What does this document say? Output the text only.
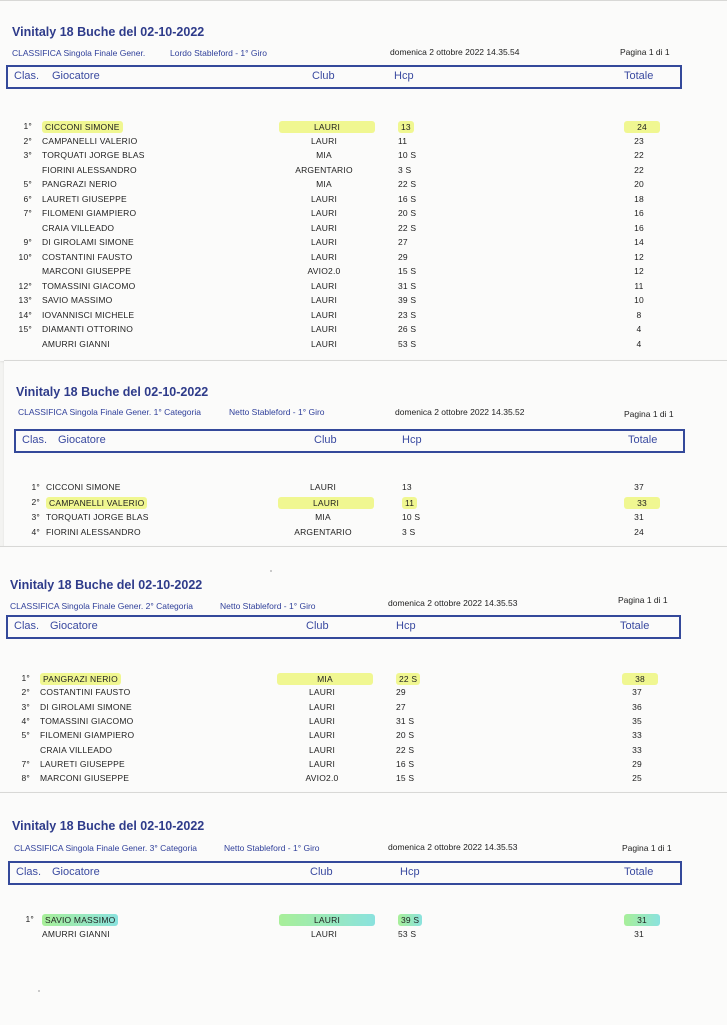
Vinitaly 18 Buche del 02-10-2022
CLASSIFICA Singola Finale Gener.	Lordo Stableford - 1° Giro	domenica 2 ottobre 2022 14.35.54	Pagina 1 di 1
Clas. Giocatore	Club	Hcp	Totale
1°	CICCONI SIMONE	LAURI	13	24
2° CAMPANELLI VALERIO	LAURI	11	23
3° TORQUATI JORGE BLAS	MIA	10 S	22
FIORINI ALESSANDRO	ARGENTARIO	3 S	22
5° PANGRAZI NERIO	MIA	22 S	20
6° LAURETI GIUSEPPE	LAURI	16 S	18
7° FILOMENI GIAMPIERO	LAURI	20 S	16
CRAIA VILLEADO	LAURI	22 S	16
9° DI GIROLAMI SIMONE	LAURI	27	14
10° COSTANTINI FAUSTO	LAURI	29	12
MARCONI GIUSEPPE	AVIO2.0	15 S	12
12° TOMASSINI GIACOMO	LAURI	31 S	11
13° SAVIO MASSIMO	LAURI	39 S	10
14° IOVANNISCI MICHELE	LAURI	23 S	8
15° DIAMANTI OTTORINO	LAURI	26 S	4
AMURRI GIANNI	LAURI	53 S	4
Vinitaly 18 Buche del 02-10-2022
CLASSIFICA Singola Finale Gener. 1° Categoria	Netto Stableford - 1° Giro	domenica 2 ottobre 2022 14.35.52	Pagina 1 di 1
Clas. Giocatore	Club	Hcp	Totale
1° CICCONI SIMONE	LAURI	13	37
2°	CAMPANELLI VALERIO	LAURI	11	33
3° TORQUATI JORGE BLAS	MIA	10 S	31
4° FIORINI ALESSANDRO	ARGENTARIO	3 S	24
Vinitaly 18 Buche del 02-10-2022
CLASSIFICA Singola Finale Gener. 2° Categoria	Netto Stableford - 1° Giro	domenica 2 ottobre 2022 14.35.53	Pagina 1 di 1
Clas. Giocatore	Club	Hcp	Totale
1°	PANGRAZI NERIO	MIA	22 S	38
2° COSTANTINI FAUSTO	LAURI	29	37
3° DI GIROLAMI SIMONE	LAURI	27	36
4° TOMASSINI GIACOMO	LAURI	31 S	35
5° FILOMENI GIAMPIERO	LAURI	20 S	33
CRAIA VILLEADO	LAURI	22 S	33
7° LAURETI GIUSEPPE	LAURI	16 S	29
8° MARCONI GIUSEPPE	AVIO2.0	15 S	25
Vinitaly 18 Buche del 02-10-2022
CLASSIFICA Singola Finale Gener. 3° Categoria	Netto Stableford - 1° Giro	domenica 2 ottobre 2022 14.35.53	Pagina 1 di 1
Clas. Giocatore	Club	Hcp	Totale
1°	SAVIO MASSIMO	LAURI	39 S	31
AMURRI GIANNI	LAURI	53 S	31
